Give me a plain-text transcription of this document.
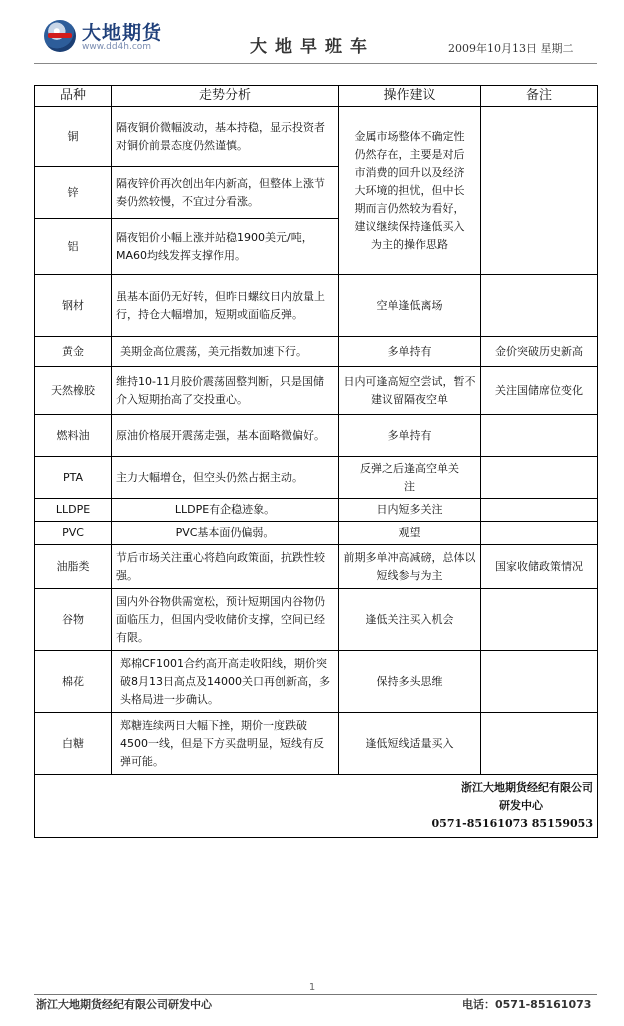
大地期货
www.dd4h.com	大地早班车	2009年10月13日 星期二
品种	走势分析	操作建议	备注
铜	隔夜铜价微幅波动，基本持稳，显示投资者对铜价前景态度仍然谨慎。	金属市场整体不确定性仍然存在，主要是对后市消费的回升以及经济大环境的担忧，但中长期而言仍然较为看好，建议继续保持逢低买入为主的操作思路	
锌	隔夜锌价再次创出年内新高，但整体上涨节奏仍然较慢，不宜过分看涨。		
铝	隔夜铝价小幅上涨并站稳1900美元/吨，MA60均线发挥支撑作用。		
钢材	虽基本面仍无好转，但昨日螺纹日内放量上行，持仓大幅增加，短期或面临反弹。	空单逢低离场	
黄金	美期金高位震荡，美元指数加速下行。	多单持有	金价突破历史新高
天然橡胶	维持10-11月胶价震荡固整判断，只是国储介入短期抬高了交投重心。	日内可逢高短空尝试，暂不建议留隔夜空单	关注国储席位变化
燃料油	原油价格展开震荡走强，基本面略微偏好。	多单持有	
PTA	主力大幅增仓，但空头仍然占据主动。	反弹之后逢高空单关注	
LLDPE	LLDPE有企稳迹象。	日内短多关注	
PVC	PVC基本面仍偏弱。	观望	
油脂类	节后市场关注重心将趋向政策面，抗跌性较强。	前期多单冲高减磅，总体以短线参与为主	国家收储政策情况
谷物	国内外谷物供需宽松，预计短期国内谷物仍面临压力，但国内受收储价支撑，空间已经有限。	逢低关注买入机会	
棉花	郑棉CF1001合约高开高走收阳线，期价突破8月13日高点及14000关口再创新高，多头格局进一步确认。	保持多头思维	
白糖	郑糖连续两日大幅下挫，期价一度跌破4500一线，但是下方买盘明显，短线有反弹可能。	逢低短线适量买入	

浙江大地期货经纪有限公司
研发中心
0571-85161073 85159053			
1
浙江大地期货经纪有限公司研发中心	电话：0571-85161073
